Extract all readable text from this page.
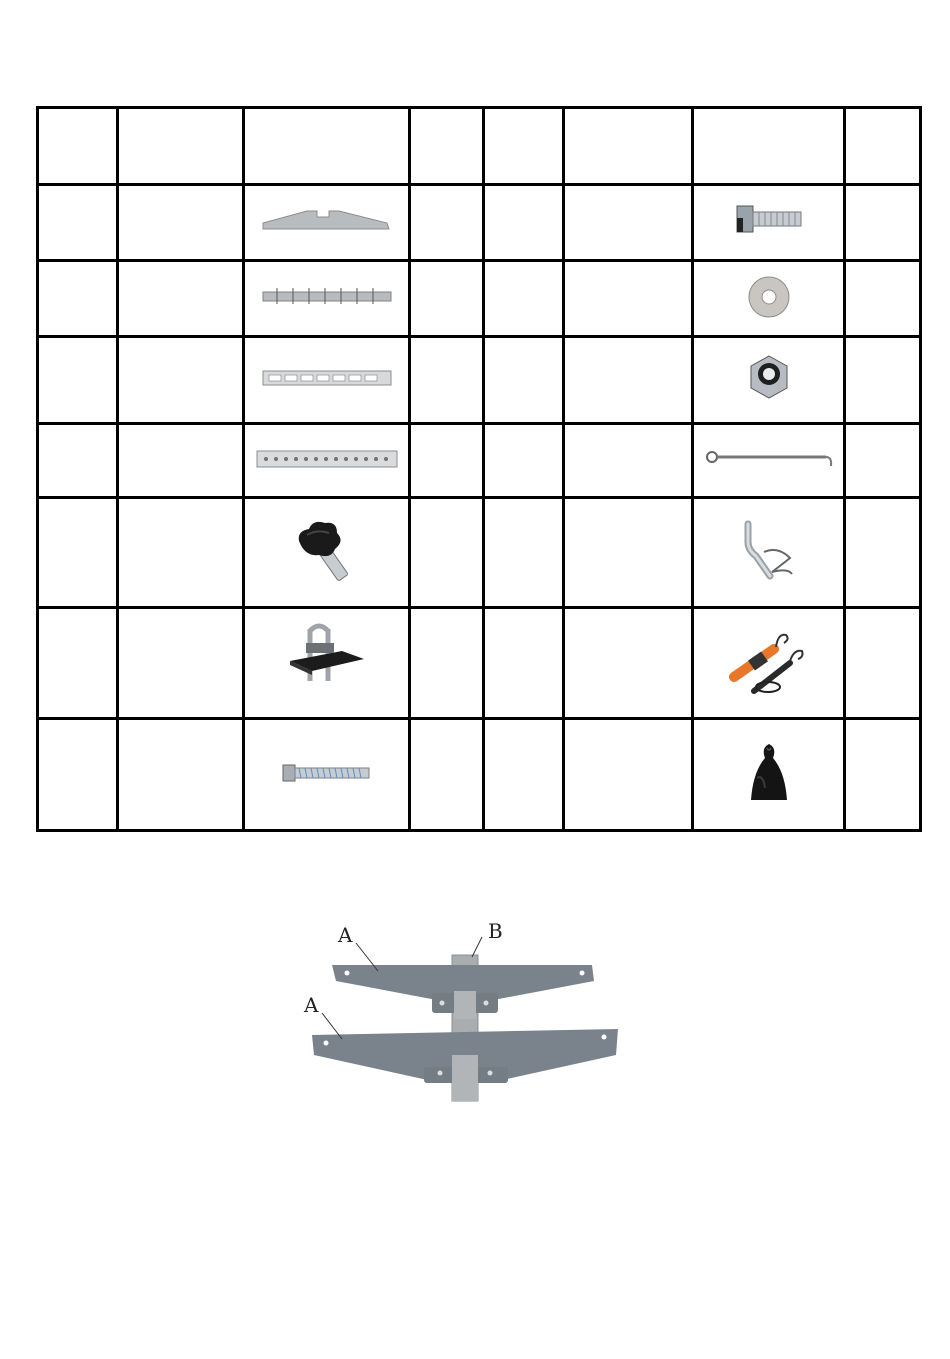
A	B
A
